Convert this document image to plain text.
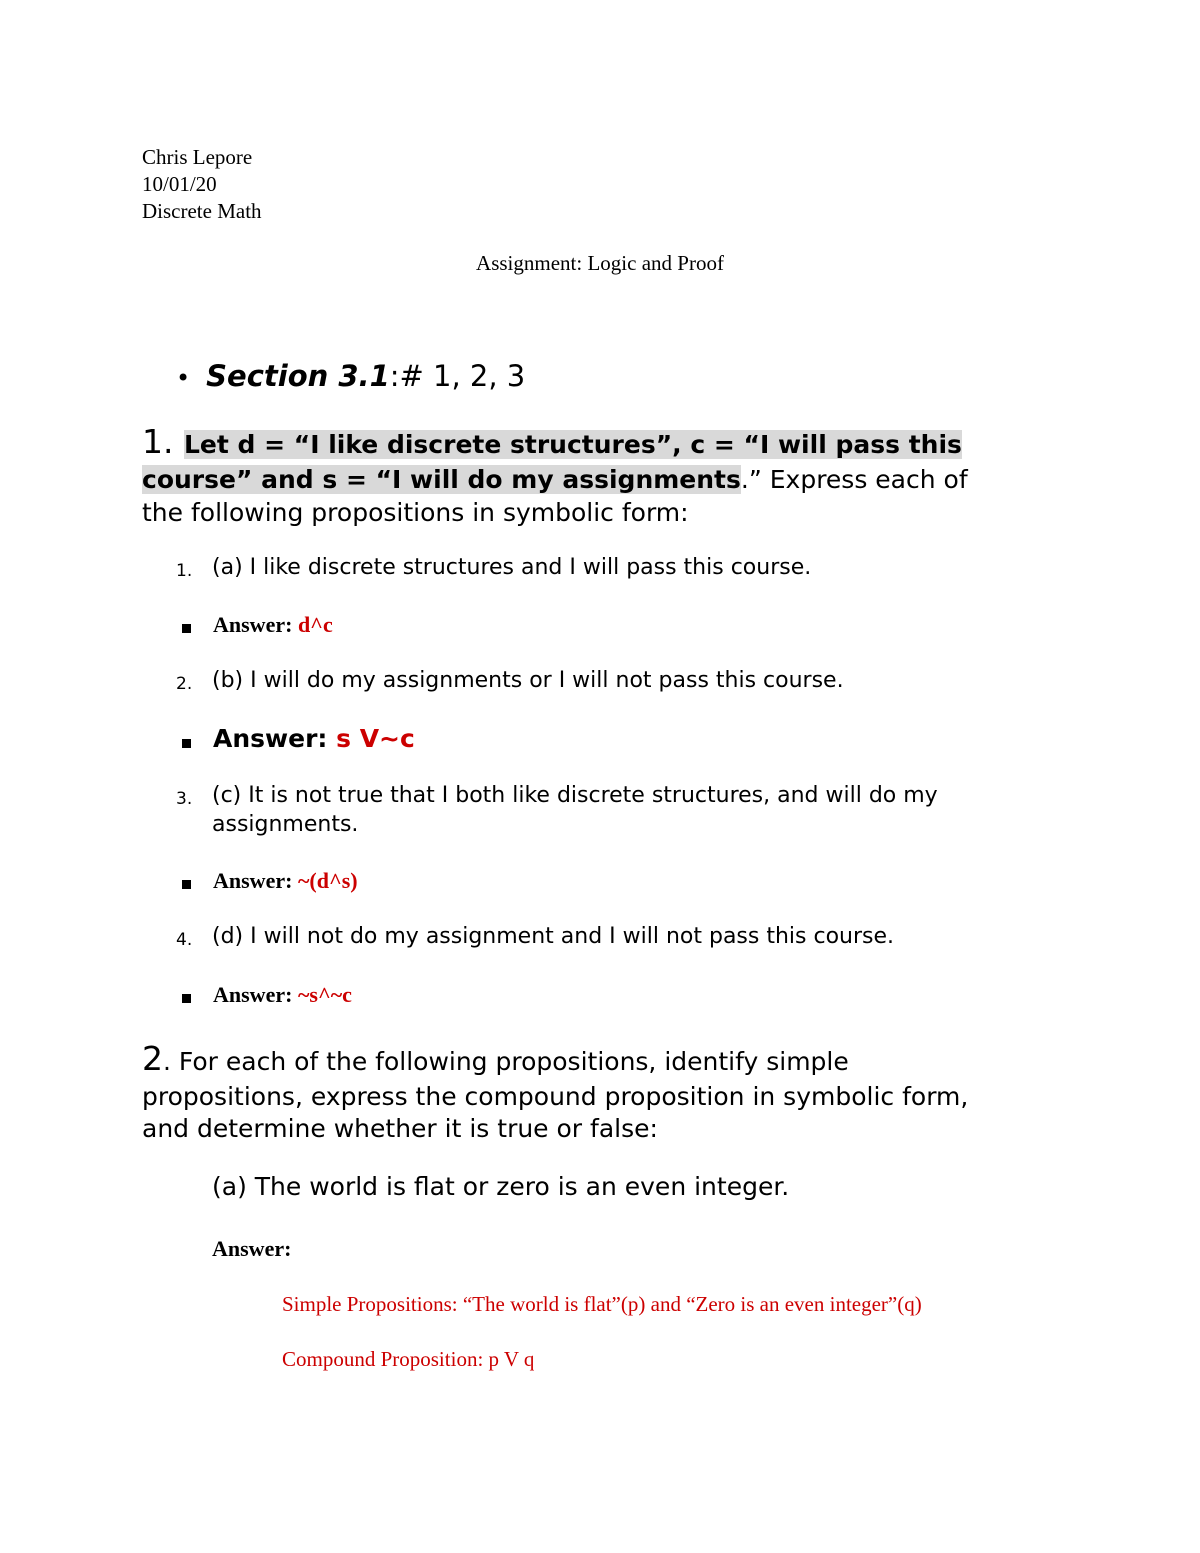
Chris Lepore
10/01/20
Discrete Math
Assignment: Logic and Proof
• Section 3.1:# 1, 2, 3
1. Let d = “I like discrete structures”, c = “I will pass this
course” and s = “I will do my assignments.” Express each of
the following propositions in symbolic form:
1. (a) I like discrete structures and I will pass this course.
Answer: d^c
2. (b) I will do my assignments or I will not pass this course.
Answer: s V~c
3. (c) It is not true that I both like discrete structures, and will do my
assignments.
Answer: ~(d^s)
4. (d) I will not do my assignment and I will not pass this course.
Answer: ~s^~c
2. For each of the following propositions, identify simple
propositions, express the compound proposition in symbolic form,
and determine whether it is true or false:
(a) The world is flat or zero is an even integer.
Answer:
Simple Propositions: “The world is flat”(p) and “Zero is an even integer”(q)
Compound Proposition: p V q
